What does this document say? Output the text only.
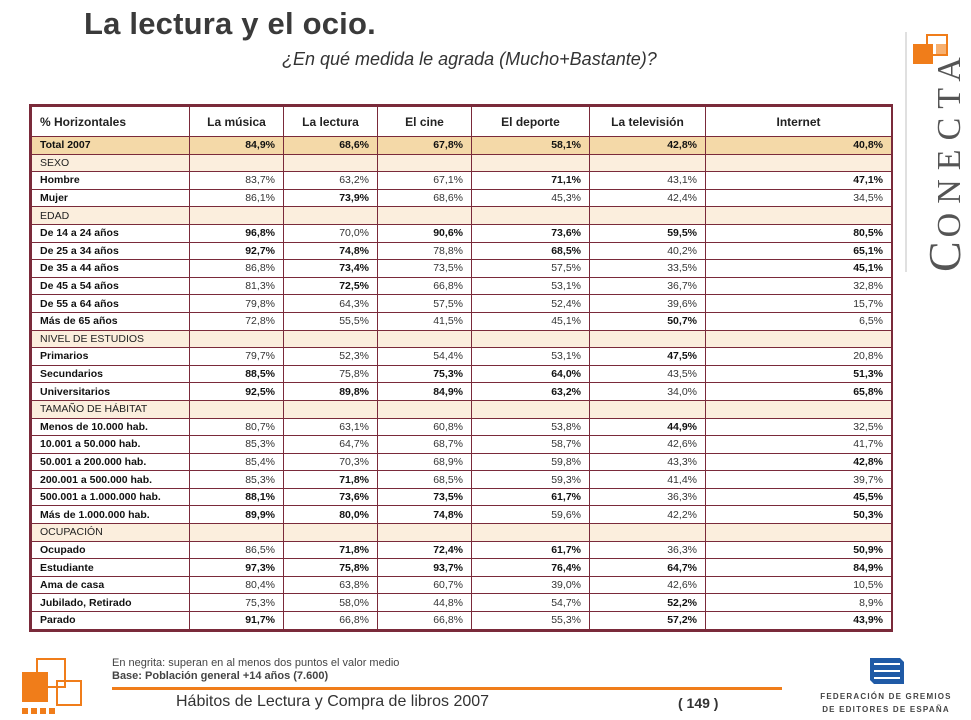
La lectura y el ocio.
¿En qué medida le agrada (Mucho+Bastante)?
CONECTA
% Horizontales	La música	La lectura	El cine	El deporte	La televisión	Internet
Total 2007	84,9%	68,6%	67,8%	58,1%	42,8%	40,8%
SEXO						
Hombre	83,7%	63,2%	67,1%	71,1%	43,1%	47,1%
Mujer	86,1%	73,9%	68,6%	45,3%	42,4%	34,5%
EDAD						
De 14 a 24 años	96,8%	70,0%	90,6%	73,6%	59,5%	80,5%
De 25 a 34 años	92,7%	74,8%	78,8%	68,5%	40,2%	65,1%
De 35 a 44 años	86,8%	73,4%	73,5%	57,5%	33,5%	45,1%
De 45 a 54 años	81,3%	72,5%	66,8%	53,1%	36,7%	32,8%
De 55 a 64 años	79,8%	64,3%	57,5%	52,4%	39,6%	15,7%
Más de 65 años	72,8%	55,5%	41,5%	45,1%	50,7%	6,5%
NIVEL DE ESTUDIOS						
Primarios	79,7%	52,3%	54,4%	53,1%	47,5%	20,8%
Secundarios	88,5%	75,8%	75,3%	64,0%	43,5%	51,3%
Universitarios	92,5%	89,8%	84,9%	63,2%	34,0%	65,8%
TAMAÑO DE HÁBITAT						
Menos de 10.000 hab.	80,7%	63,1%	60,8%	53,8%	44,9%	32,5%
10.001 a 50.000 hab.	85,3%	64,7%	68,7%	58,7%	42,6%	41,7%
50.001 a 200.000 hab.	85,4%	70,3%	68,9%	59,8%	43,3%	42,8%
200.001 a 500.000 hab.	85,3%	71,8%	68,5%	59,3%	41,4%	39,7%
500.001 a 1.000.000 hab.	88,1%	73,6%	73,5%	61,7%	36,3%	45,5%
Más de 1.000.000 hab.	89,9%	80,0%	74,8%	59,6%	42,2%	50,3%
OCUPACIÓN						
Ocupado	86,5%	71,8%	72,4%	61,7%	36,3%	50,9%
Estudiante	97,3%	75,8%	93,7%	76,4%	64,7%	84,9%
Ama de casa	80,4%	63,8%	60,7%	39,0%	42,6%	10,5%
Jubilado, Retirado	75,3%	58,0%	44,8%	54,7%	52,2%	8,9%
Parado	91,7%	66,8%	66,8%	55,3%	57,2%	43,9%
En negrita: superan en al menos dos puntos el valor medio
Base: Población general +14 años (7.600)
Hábitos de Lectura y Compra de libros 2007	( 149 )	FEDERACIÓN DE GREMIOS
DE EDITORES DE ESPAÑA
